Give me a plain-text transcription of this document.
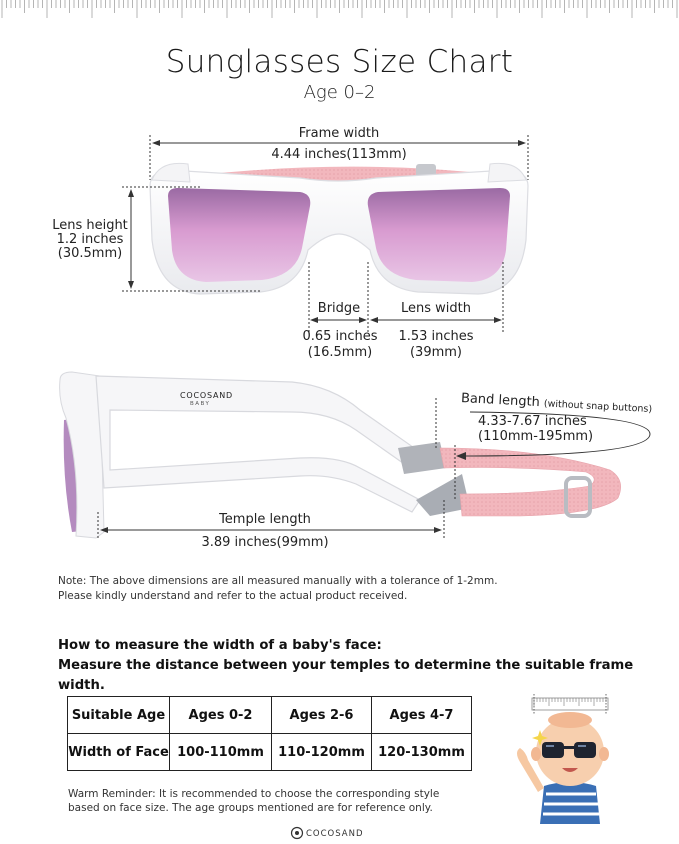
Sunglasses Size Chart
Age 0–2
Frame width
4.44 inches(113mm)
Lens height
1.2 inches
(30.5mm)
Bridge
0.65 inches
(16.5mm)
Lens width
1.53 inches
(39mm)
COCOSAND
BABY	Band length (without snap buttons)
4.33-7.67 inches
(110mm-195mm)
Temple length
3.89 inches(99mm)
Note: The above dimensions are all measured manually with a tolerance of 1-2mm.
Please kindly understand and refer to the actual product received.
How to measure the width of a baby's face:
Measure the distance between your temples to determine the suitable frame width.
Suitable Age	Ages 0-2	Ages 2-6	Ages 4-7
Width of Face	100-110mm	110-120mm	120-130mm
Warm Reminder: It is recommended to choose the corresponding style
based on face size. The age groups mentioned are for reference only.
COCOSAND
